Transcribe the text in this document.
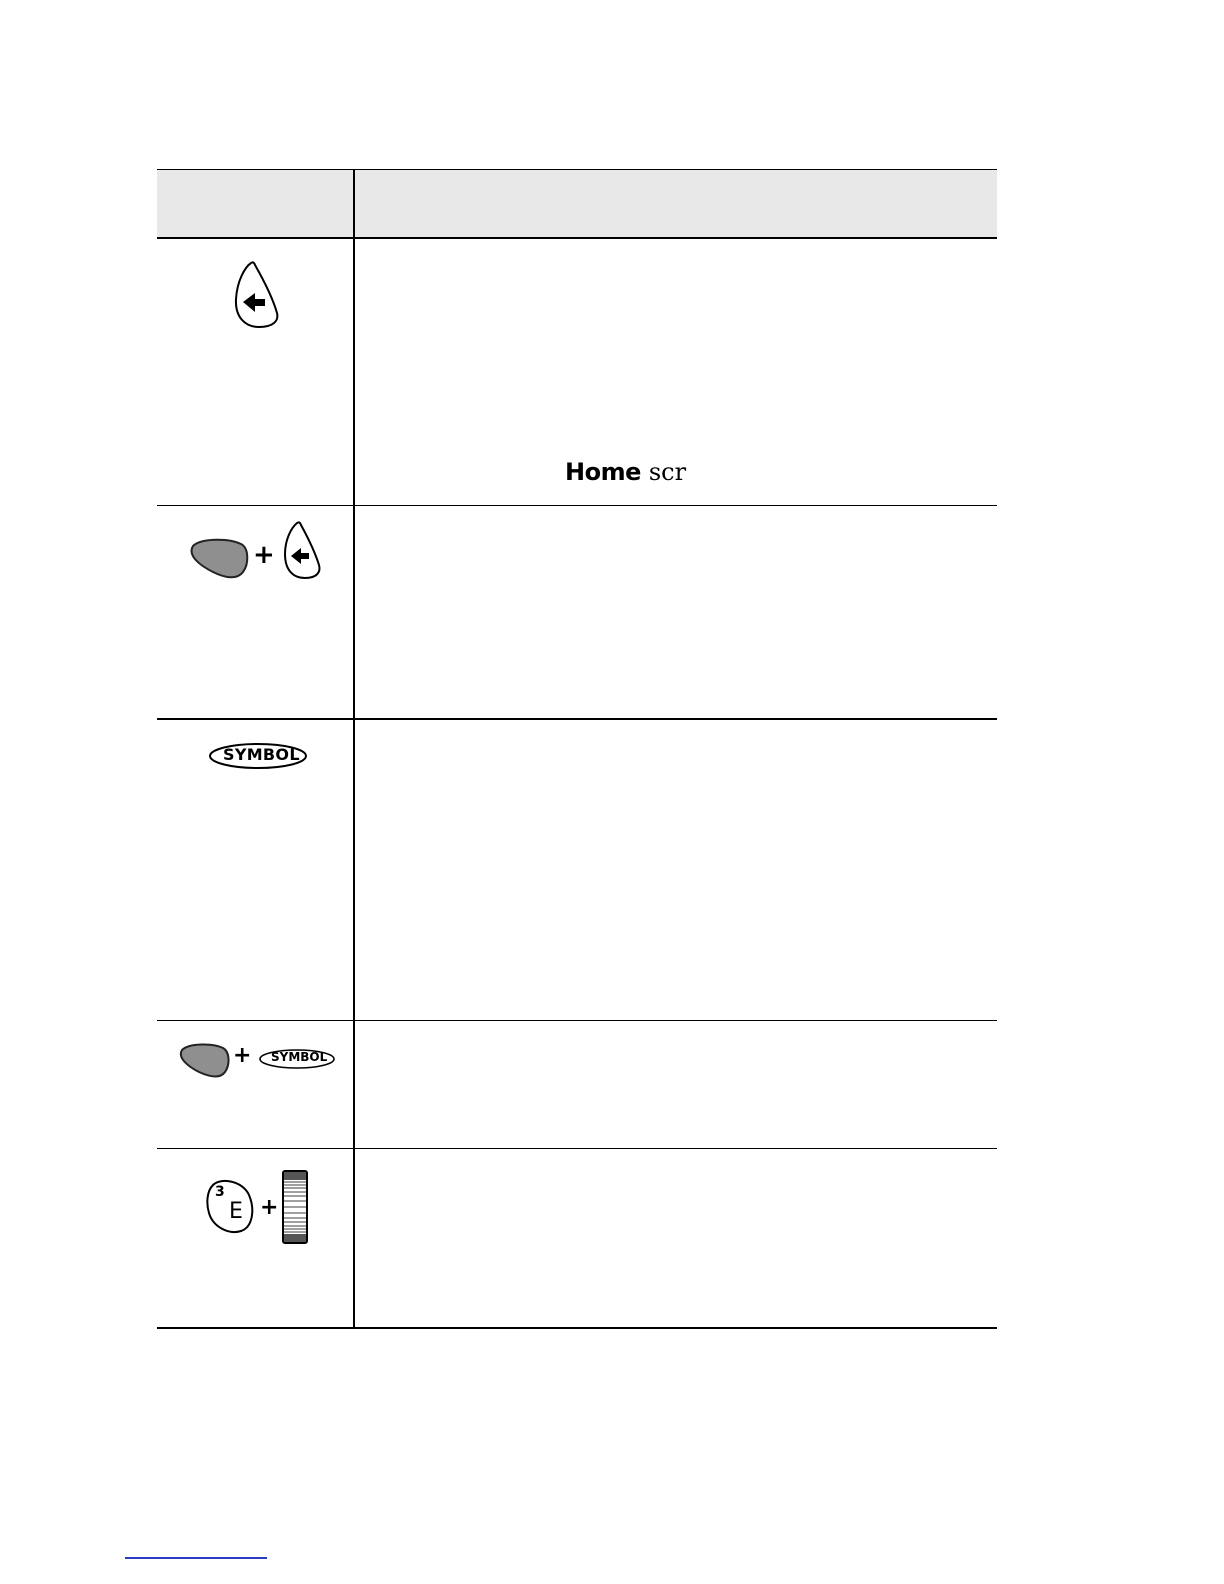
Home scr
+
SYMBOL
+ SYMBOL
3
E +
